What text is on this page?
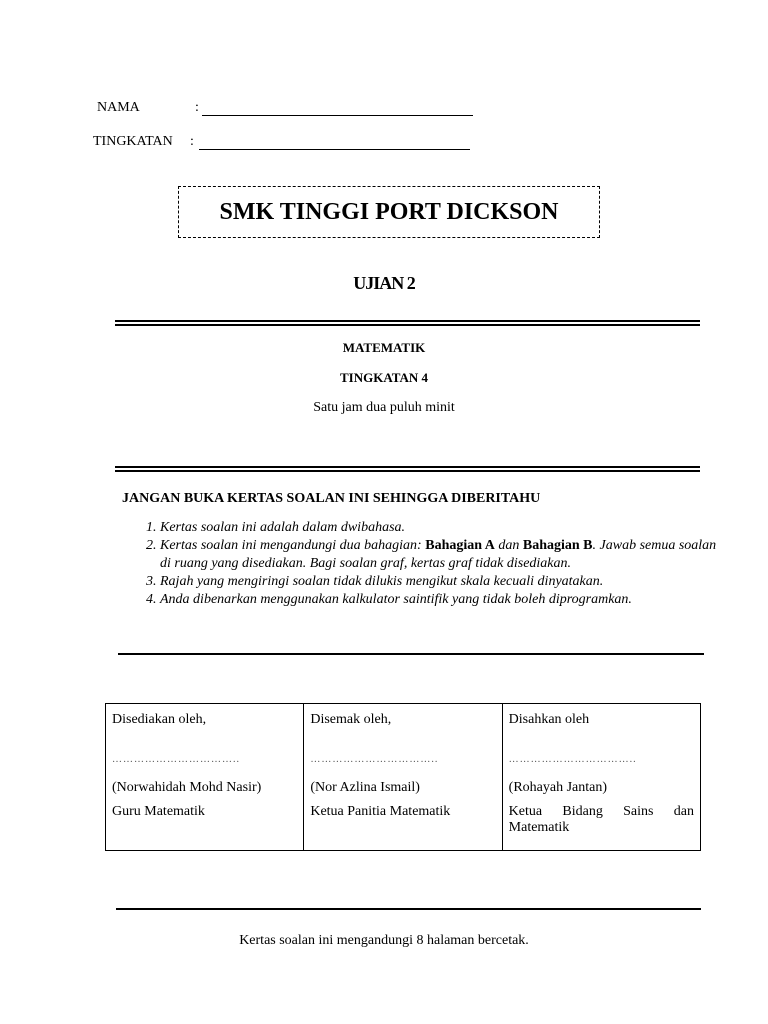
NAMA	:
TINGKATAN :
SMK TINGGI PORT DICKSON
UJIAN 2
MATEMATIK
TINGKATAN 4
Satu jam dua puluh minit
JANGAN BUKA KERTAS SOALAN INI SEHINGGA DIBERITAHU
1. Kertas soalan ini adalah dalam dwibahasa.
2. Kertas soalan ini mengandungi dua bahagian: Bahagian A dan Bahagian B. Jawab semua soalan di ruang yang disediakan. Bagi soalan graf, kertas graf tidak disediakan.
3. Rajah yang mengiringi soalan tidak dilukis mengikut skala kecuali dinyatakan.
4. Anda dibenarkan menggunakan kalkulator saintifik yang tidak boleh diprogramkan.
Disediakan oleh,
……………………………..
(Norwahidah Mohd Nasir)
Guru Matematik

Disemak oleh,
……………………………..
(Nor Azlina Ismail)
Ketua Panitia Matematik

Disahkan oleh
……………………………..
(Rohayah Jantan)
Ketua Bidang Sains dan Matematik
Kertas soalan ini mengandungi 8 halaman bercetak.
